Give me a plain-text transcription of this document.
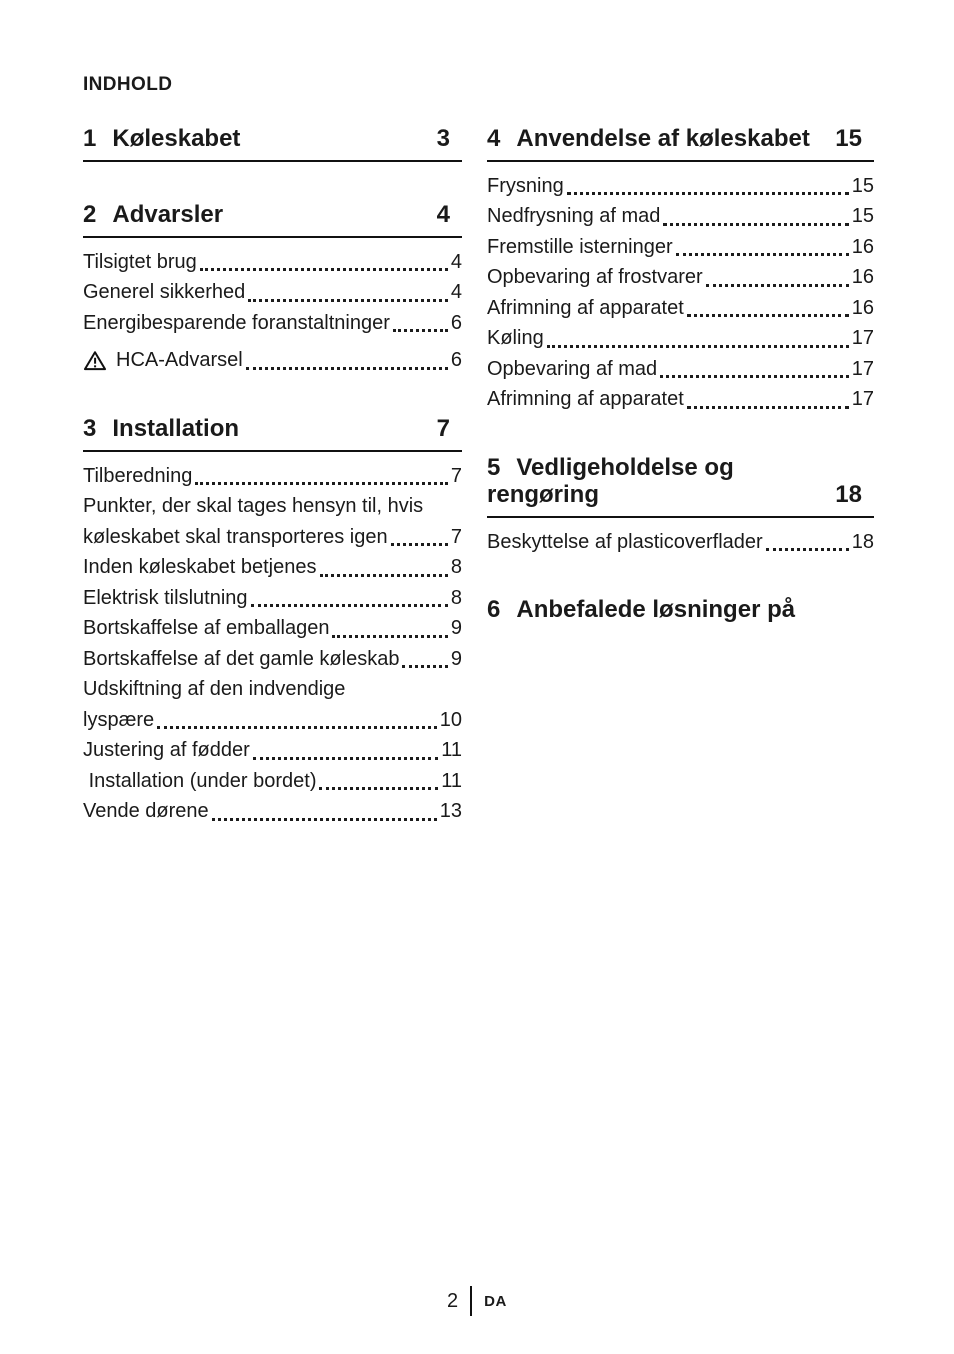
INDHOLD
1 Køleskabet	3
2 Advarsler	4
Tilsigtet brug	4
Generel sikkerhed	4
Energibesparende foranstaltninger	6
HCA-Advarsel	6
3 Installation	7
Tilberedning	7
Punkter, der skal tages hensyn til, hvis
køleskabet skal transporteres igen	7
Inden køleskabet betjenes	8
Elektrisk tilslutning	8
Bortskaffelse af emballagen	9
Bortskaffelse af det gamle køleskab	9
Udskiftning af den indvendige
lyspære	10
Justering af fødder	11
Installation (under bordet)	11
Vende dørene	13
4 Anvendelse af køleskabet 15
Frysning	15
Nedfrysning af mad	15
Fremstille isterninger	16
Opbevaring af frostvarer	16
Afrimning af apparatet	16
Køling	17
Opbevaring af mad	17
Afrimning af apparatet	17
5 Vedligeholdelse og
rengøring	18
Beskyttelse af plasticoverflader	18
6 Anbefalede løsninger på
2 DA
